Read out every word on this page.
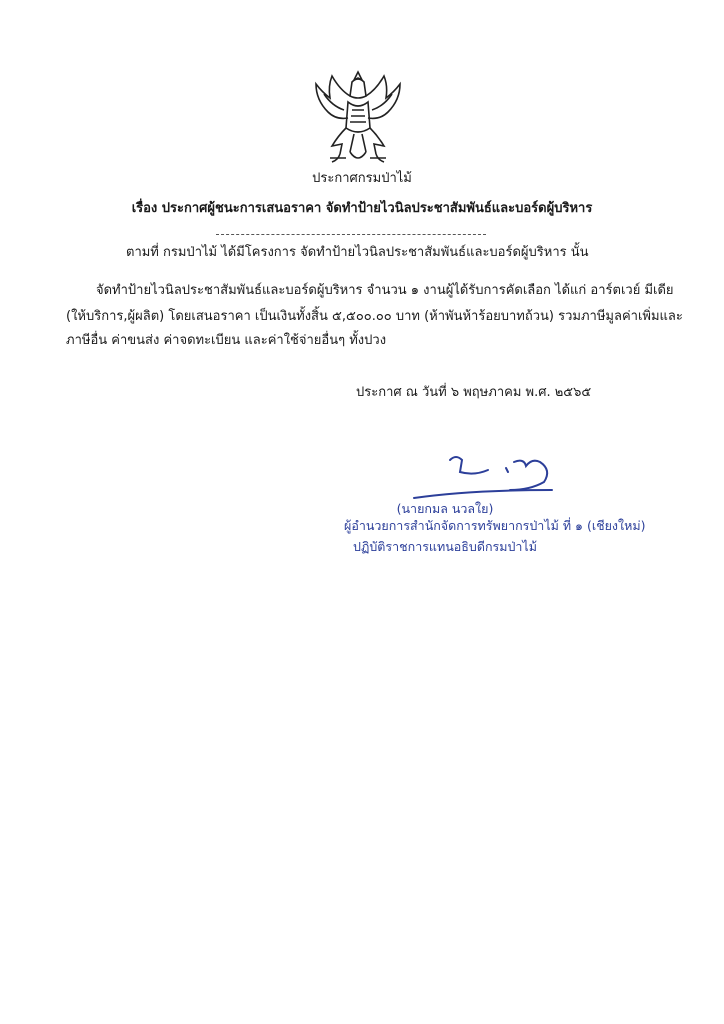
ประกาศกรมป่าไม้
เรื่อง ประกาศผู้ชนะการเสนอราคา จัดทำป้ายไวนิลประชาสัมพันธ์และบอร์ดผู้บริหาร
ตามที่ กรมป่าไม้ ได้มีโครงการ จัดทำป้ายไวนิลประชาสัมพันธ์และบอร์ดผู้บริหาร นั้น
จัดทำป้ายไวนิลประชาสัมพันธ์และบอร์ดผู้บริหาร จำนวน ๑ งานผู้ได้รับการคัดเลือก ได้แก่ อาร์ตเวย์ มีเดีย
(ให้บริการ,ผู้ผลิต) โดยเสนอราคา เป็นเงินทั้งสิ้น ๕,๕๐๐.๐๐ บาท (ห้าพันห้าร้อยบาทถ้วน) รวมภาษีมูลค่าเพิ่มและ
ภาษีอื่น ค่าขนส่ง ค่าจดทะเบียน และค่าใช้จ่ายอื่นๆ ทั้งปวง
ประกาศ ณ วันที่ ๖ พฤษภาคม พ.ศ. ๒๕๖๕
(นายกมล นวลใย)
ผู้อำนวยการสำนักจัดการทรัพยากรป่าไม้ ที่ ๑ (เชียงใหม่)
ปฏิบัติราชการแทนอธิบดีกรมป่าไม้
